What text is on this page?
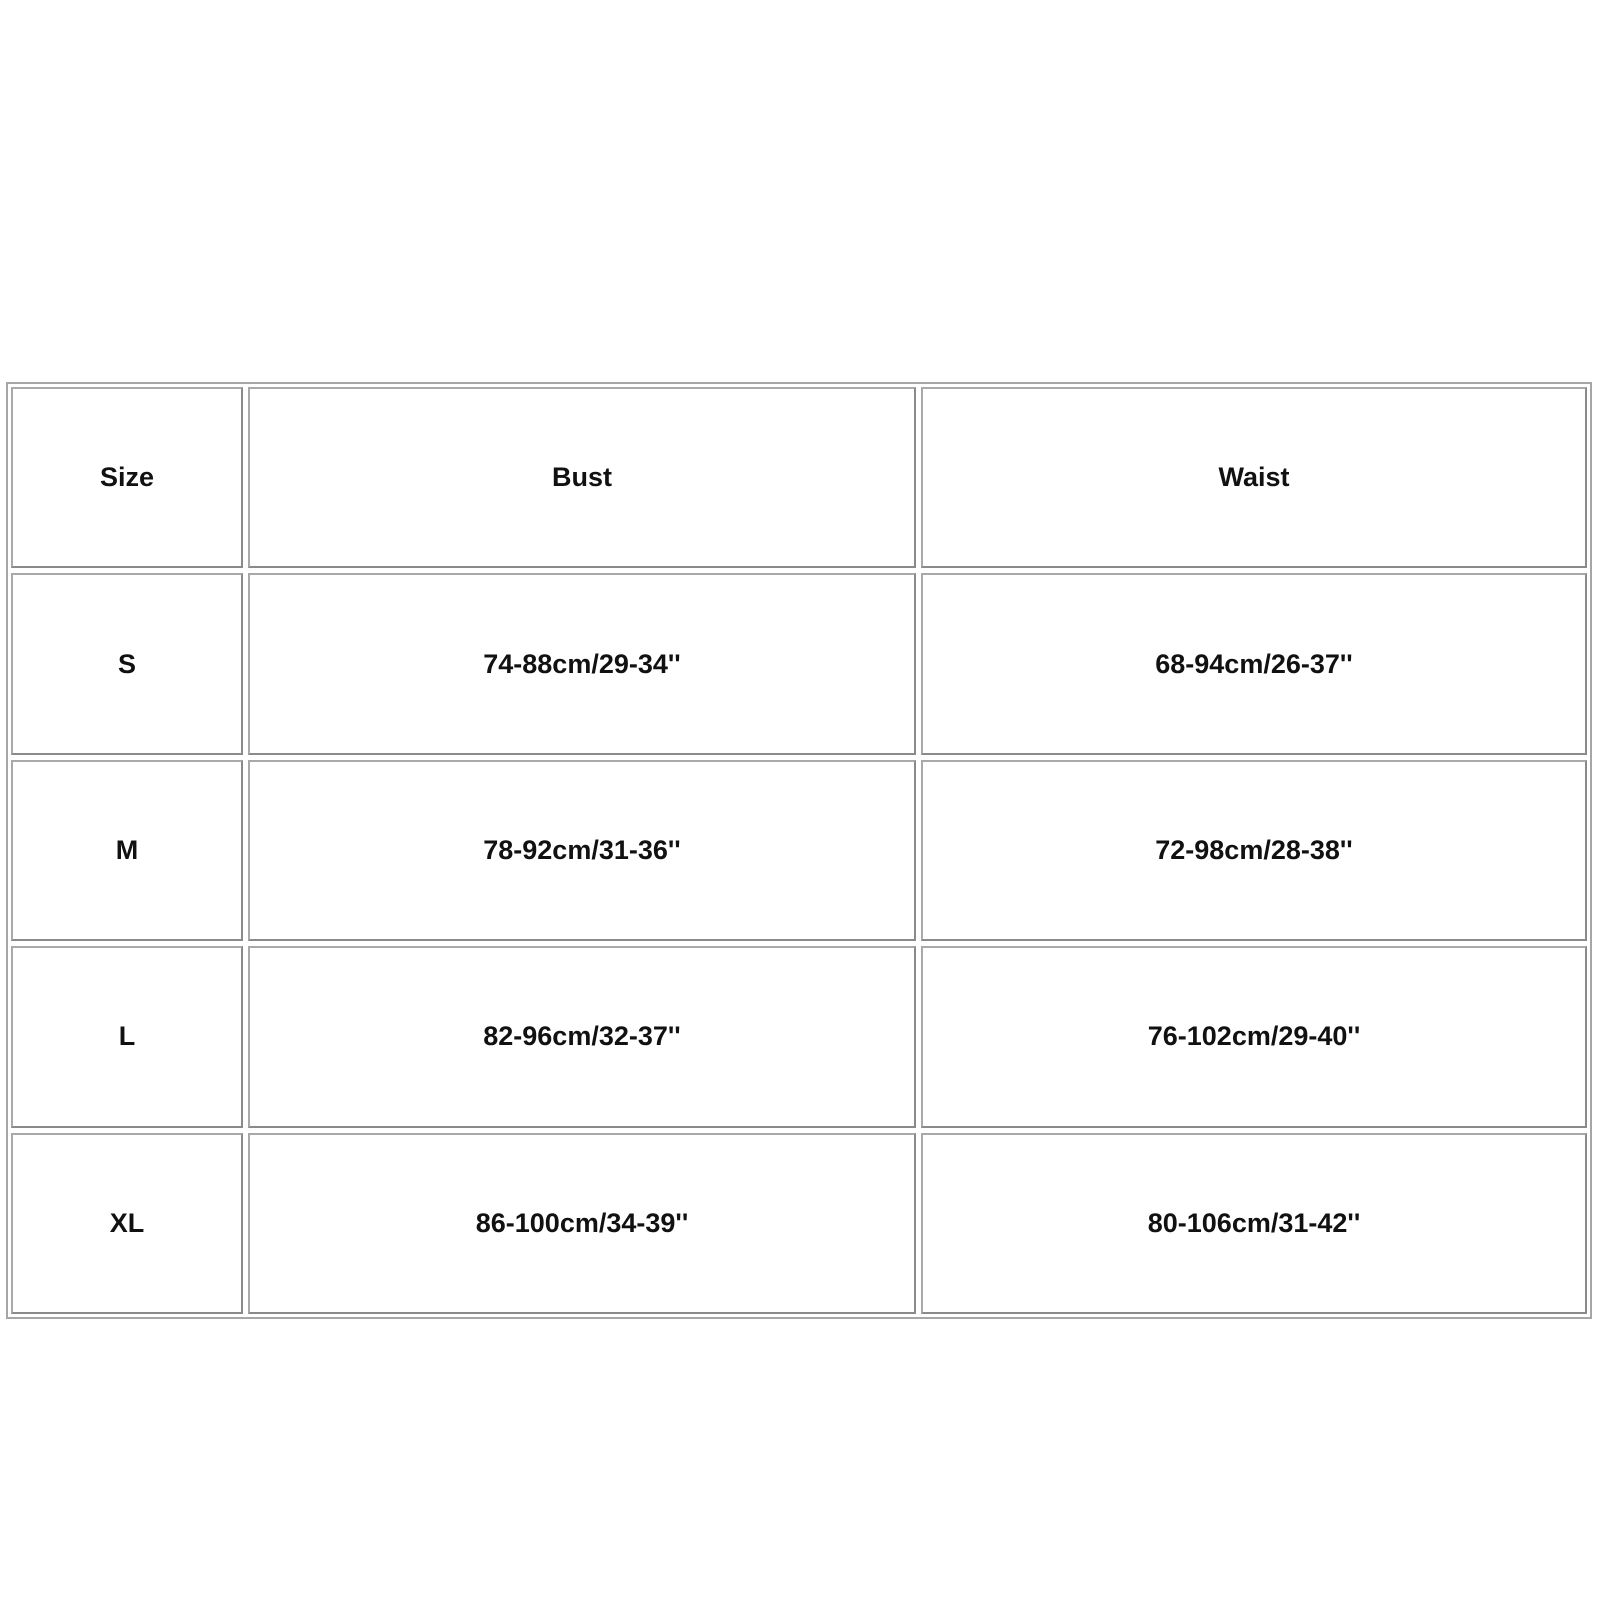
Size	Bust	Waist
S	74-88cm/29-34''	68-94cm/26-37''
M	78-92cm/31-36''	72-98cm/28-38''
L	82-96cm/32-37''	76-102cm/29-40''
XL	86-100cm/34-39''	80-106cm/31-42''
